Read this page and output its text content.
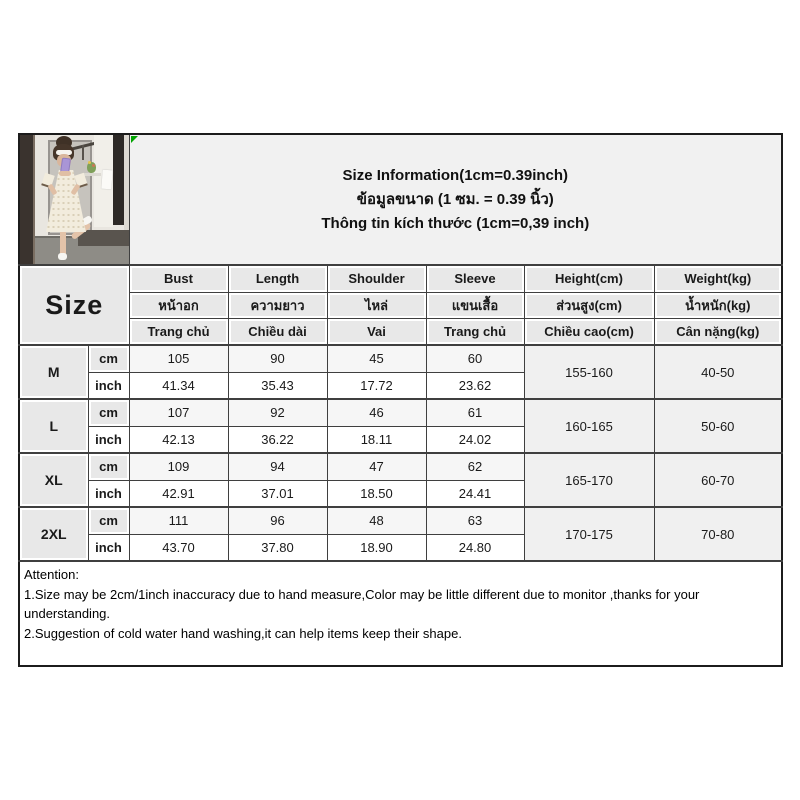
		Size Information(1cm=0.39inch)
ข้อมูลขนาด (1 ซม. = 0.39 นิ้ว)
Thông tin kích thước (1cm=0,39 inch)					

Size		Bust	Length	Shoulder	Sleeve	Height(cm)	Weight(kg)
		หน้าอก	ความยาว	ไหล่	แขนเสื้อ	ส่วนสูง(cm)	น้ำหนัก(kg)
		Trang chủ	Chiều dài	Vai	Trang chủ	Chiều cao(cm)	Cân nặng(kg)
M	cm	105	90	45	60	155-160	40-50
	inch	41.34	35.43	17.72	23.62		
L	cm	107	92	46	61	160-165	50-60
	inch	42.13	36.22	18.11	24.02		
XL	cm	109	94	47	62	165-170	60-70
	inch	42.91	37.01	18.50	24.41		
2XL	cm	111	96	48	63	170-175	70-80
	inch	43.70	37.80	18.90	24.80		

Attention:
1.Size may be 2cm/1inch inaccuracy due to hand measure,Color may be little different due to monitor ,thanks for your understanding.
2.Suggestion of cold water hand washing,it can help items keep their shape.							
